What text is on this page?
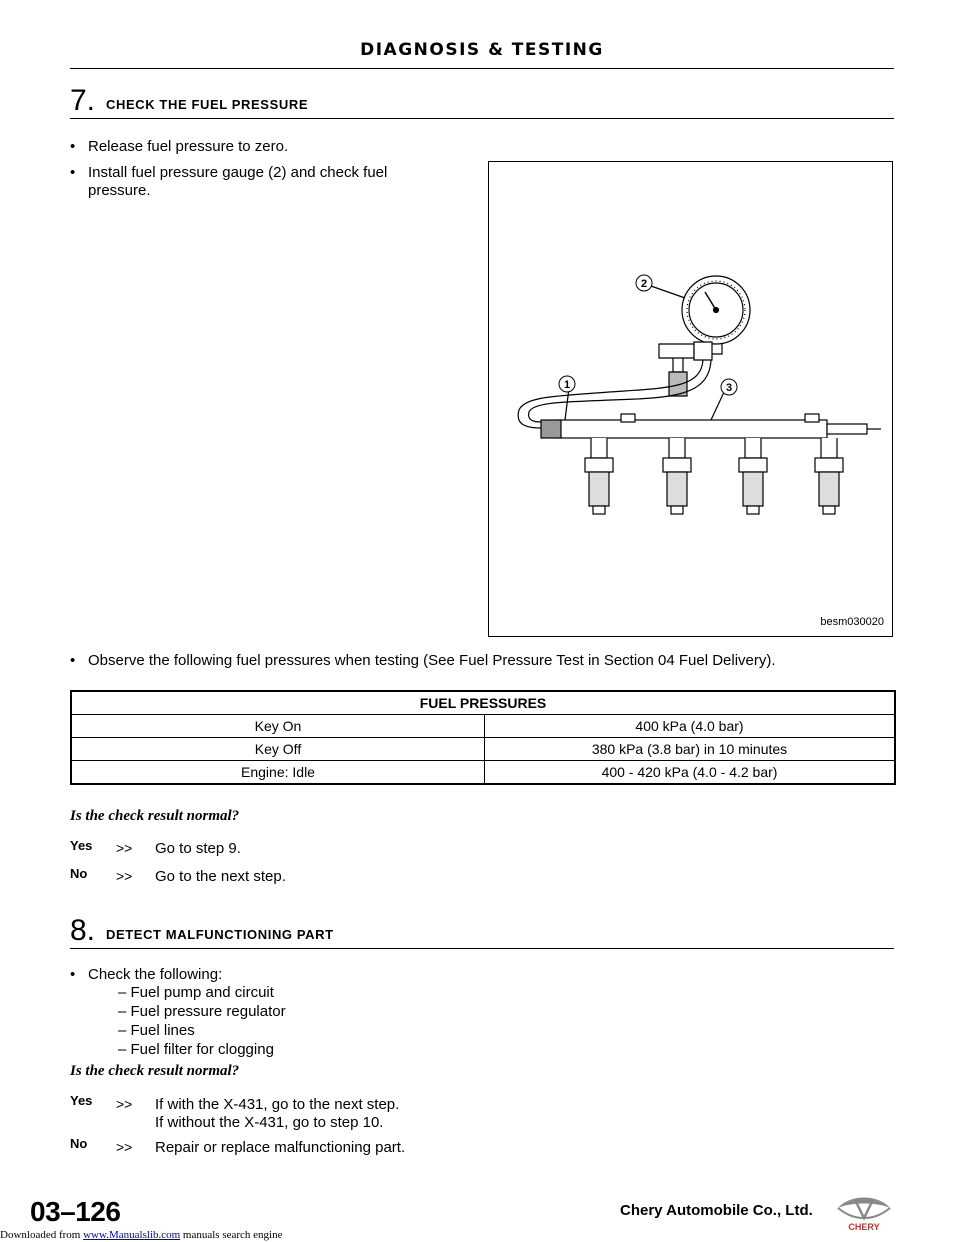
DIAGNOSIS & TESTING
7. CHECK THE FUEL PRESSURE
• Release fuel pressure to zero.
• Install fuel pressure gauge (2) and check fuel
pressure.
2
1	3
besm030020
• Observe the following fuel pressures when testing (See Fuel Pressure Test in Section 04 Fuel Delivery).
FUEL PRESSURES	
Key On	400 kPa (4.0 bar)
Key Off	380 kPa (3.8 bar) in 10 minutes
Engine: Idle	400 - 420 kPa (4.0 - 4.2 bar)
Is the check result normal?
Yes >> Go to step 9.
No >> Go to the next step.
8. DETECT MALFUNCTIONING PART
• Check the following:
– Fuel pump and circuit
– Fuel pressure regulator
– Fuel lines
– Fuel filter for clogging
Is the check result normal?
Yes >> If with the X-431, go to the next step.
If without the X-431, go to step 10.
No >> Repair or replace malfunctioning part.
03–126	Chery Automobile Co., Ltd.
CHERY
Downloaded from www.Manualslib.com manuals search engine
